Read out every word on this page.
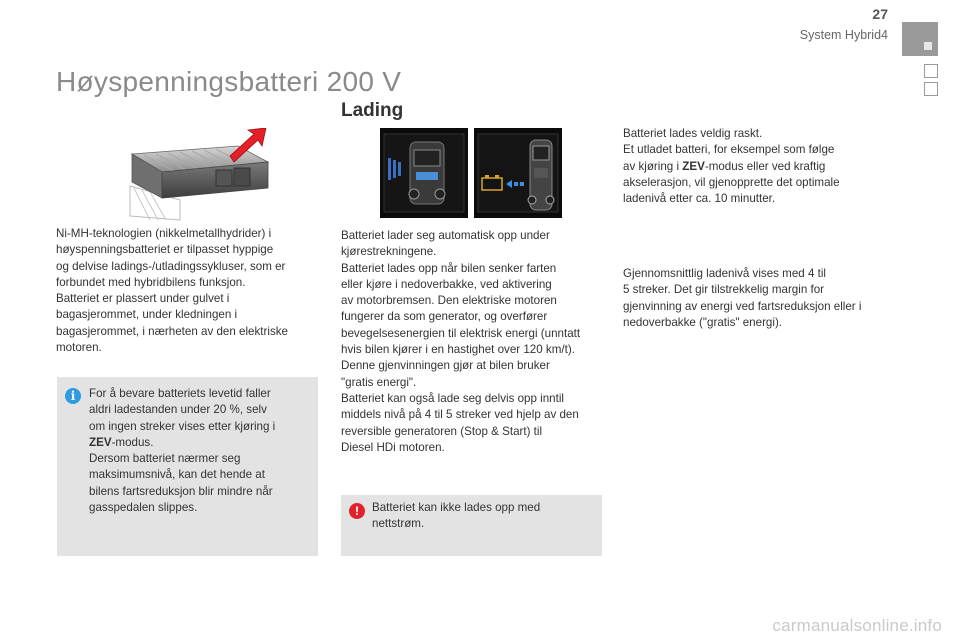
27
System Hybrid4
Høyspenningsbatteri 200 V

Ni-MH-teknologien (nikkelmetallhydrider) i

høyspenningsbatteriet er tilpasset hyppige

og delvise ladings-/utladingssykluser, som er

forbundet med hybridbilens funksjon.

Batteriet er plassert under gulvet i

bagasjerommet, under kledningen i

bagasjerommet, i nærheten av den elektriske

motoren.

i	For å bevare batteriets levetid faller
aldri ladestanden under 20 %, selv
om ingen streker vises etter kjøring i
ZEV-modus.
Dersom batteriet nærmer seg
maksimumsnivå, kan det hende at
bilens fartsreduksjon blir mindre når
gasspedalen slippes.
Lading

Batteriet lader seg automatisk opp under

kjørestrekningene.

Batteriet lades opp når bilen senker farten

eller kjøre i nedoverbakke, ved aktivering

av motorbremsen. Den elektriske motoren

fungerer da som generator, og overfører

bevegelsesenergien til elektrisk energi (unntatt

hvis bilen kjører i en hastighet over 120 km/t).

Denne gjenvinningen gjør at bilen bruker

"gratis energi".

Batteriet kan også lade seg delvis opp inntil

middels nivå på 4 til 5 streker ved hjelp av den

reversible generatoren (Stop & Start) til

Diesel HDi motoren.

!	Batteriet kan ikke lades opp med
nettstrøm.

Batteriet lades veldig raskt.

Et utladet batteri, for eksempel som følge

av kjøring i ZEV-modus eller ved kraftig

akselerasjon, vil gjenopprette det optimale

ladenivå etter ca. 10 minutter.

Gjennomsnittlig ladenivå vises med 4 til

5 streker. Det gir tilstrekkelig margin for

gjenvinning av energi ved fartsreduksjon eller i

nedoverbakke ("gratis" energi).

carmanualsonline.info
